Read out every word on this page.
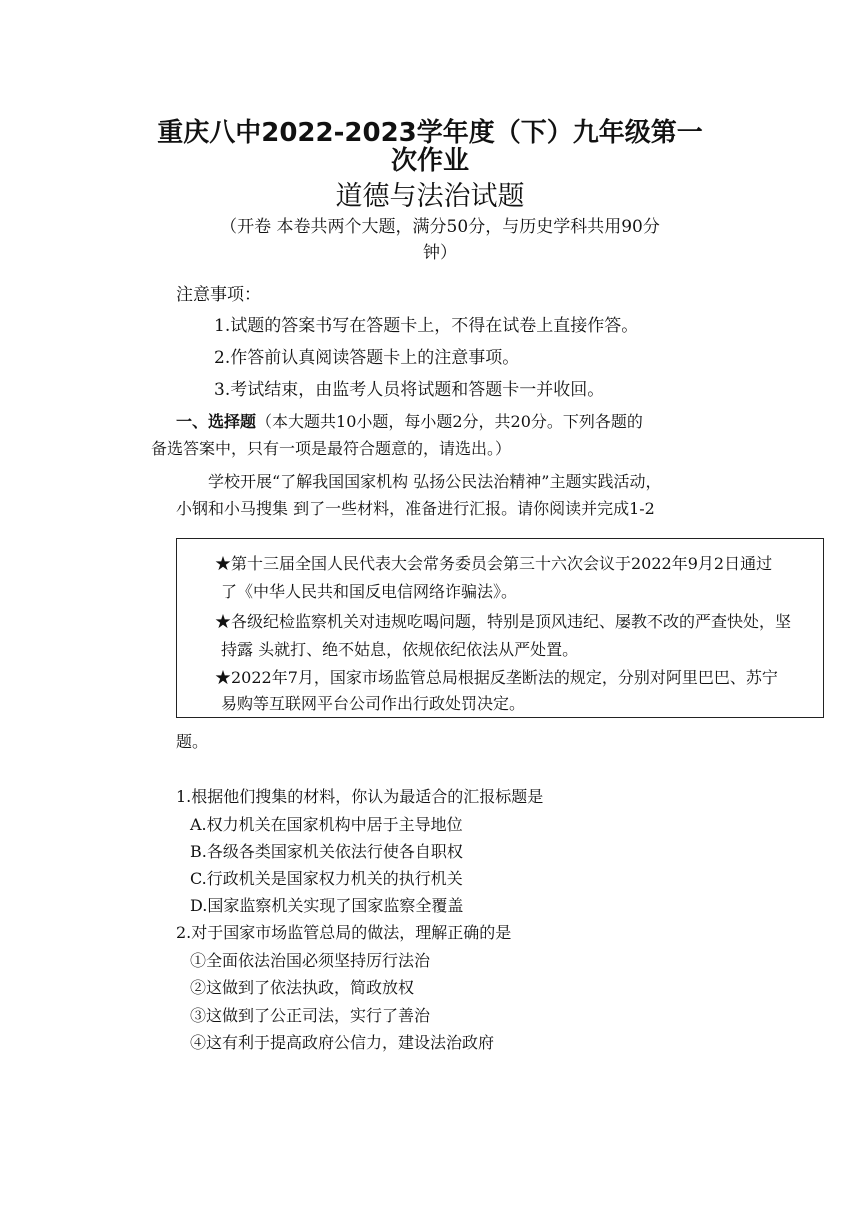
重庆八中2022-2023学年度（下）九年级第一
次作业
道德与法治试题
（开卷 本卷共两个大题，满分50分，与历史学科共用90分
钟）
注意事项：
1.试题的答案书写在答题卡上，不得在试卷上直接作答。
2.作答前认真阅读答题卡上的注意事项。
3.考试结束，由监考人员将试题和答题卡一并收回。
一、选择题（本大题共10小题，每小题2分，共20分。下列各题的
备选答案中，只有一项是最符合题意的，请选出。）
学校开展“了解我国国家机构 弘扬公民法治精神”主题实践活动，
小钢和小马搜集 到了一些材料，准备进行汇报。请你阅读并完成1-2
★第十三届全国人民代表大会常务委员会第三十六次会议于2022年9月2日通过
了《中华人民共和国反电信网络诈骗法》。
★各级纪检监察机关对违规吃喝问题，特别是顶风违纪、屡教不改的严查快处，坚
持露 头就打、绝不姑息，依规依纪依法从严处置。
★2022年7月，国家市场监管总局根据反垄断法的规定，分别对阿里巴巴、苏宁
易购等互联网平台公司作出行政处罚决定。
题。
1.根据他们搜集的材料，你认为最适合的汇报标题是
A.权力机关在国家机构中居于主导地位
B.各级各类国家机关依法行使各自职权
C.行政机关是国家权力机关的执行机关
D.国家监察机关实现了国家监察全覆盖
2.对于国家市场监管总局的做法，理解正确的是
①全面依法治国必须坚持厉行法治
②这做到了依法执政，简政放权
③这做到了公正司法，实行了善治
④这有利于提高政府公信力，建设法治政府
